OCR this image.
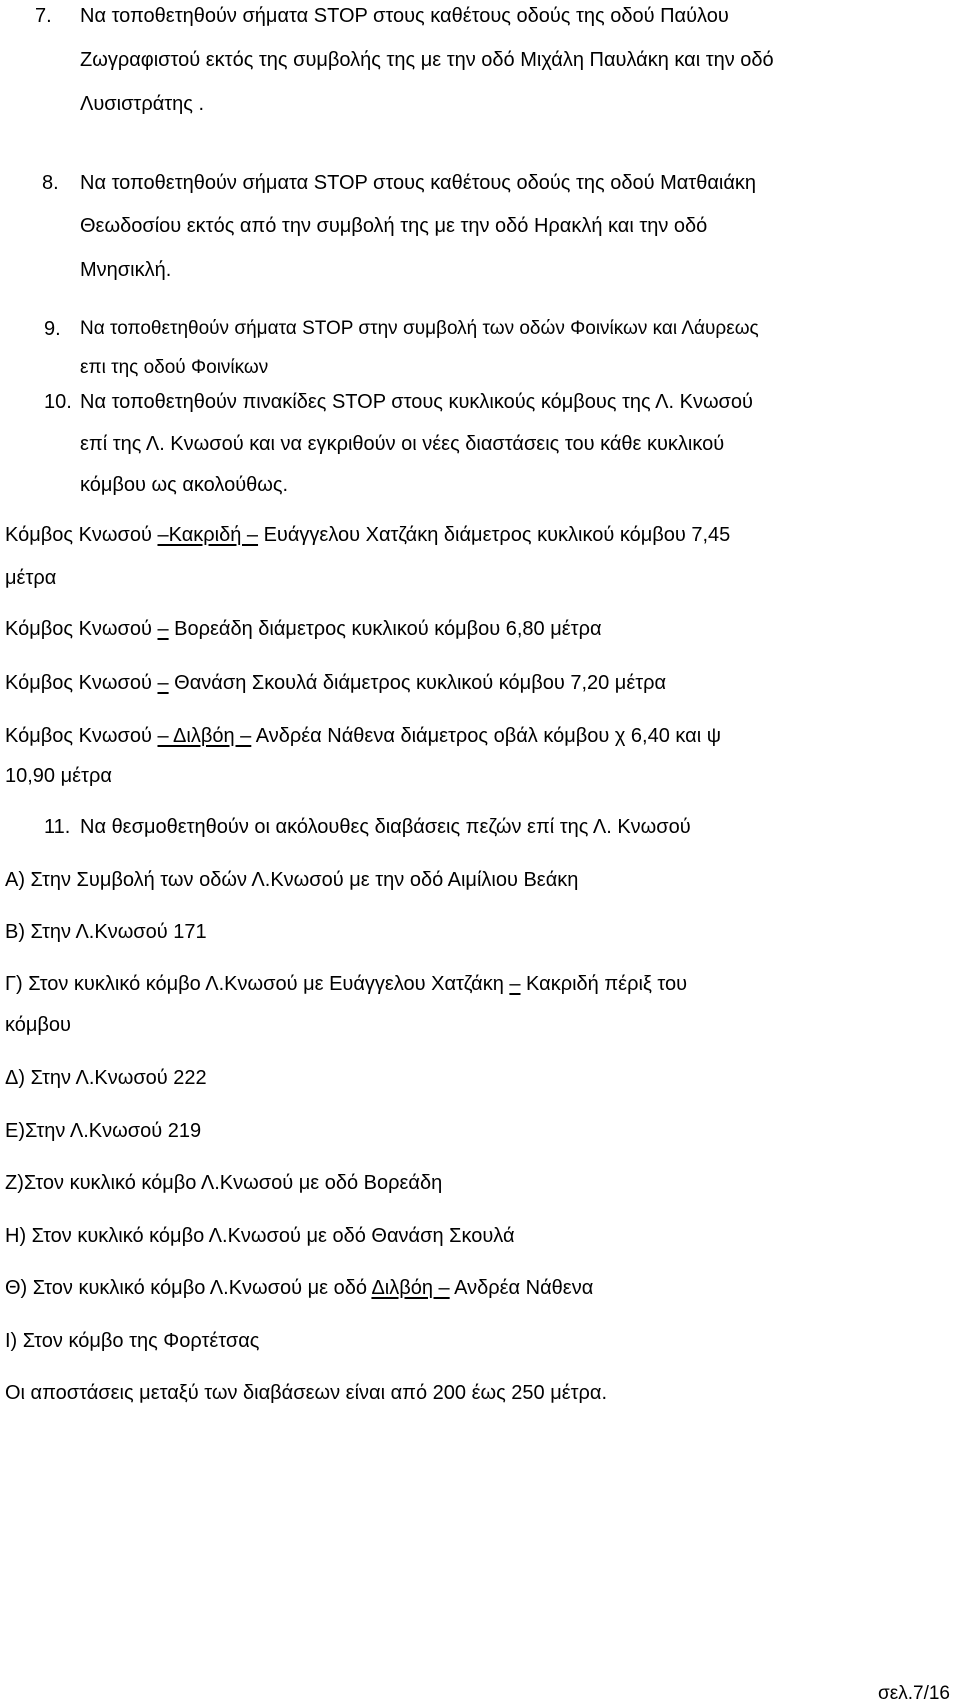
7. Να τοποθετηθούν σήματα STOP στους καθέτους οδούς της οδού Παύλου
Ζωγραφιστού εκτός της συμβολής της με την οδό Μιχάλη Παυλάκη και την οδό
Λυσιστράτης .
8. Να τοποθετηθούν σήματα STOP στους καθέτους οδούς της οδού Ματθαιάκη
Θεωδοσίου εκτός από την συμβολή της με την οδό Ηρακλή και την οδό
Μνησικλή.
9. Να τοποθετηθούν σήματα STOP στην συμβολή των οδών Φοινίκων και Λάυρεως
επι της οδού Φοινίκων
10. Να τοποθετηθούν πινακίδες STOP στους κυκλικούς κόμβους της Λ. Κνωσού
επί της Λ. Κνωσού και να εγκριθούν οι νέες διαστάσεις του κάθε κυκλικού
κόμβου ως ακολούθως.
Κόμβος Κνωσού –Κακριδή – Ευάγγελου Χατζάκη διάμετρος κυκλικού κόμβου 7,45
μέτρα
Κόμβος Κνωσού – Βορεάδη διάμετρος κυκλικού κόμβου 6,80 μέτρα
Κόμβος Κνωσού – Θανάση Σκουλά διάμετρος κυκλικού κόμβου 7,20 μέτρα
Κόμβος Κνωσού – Διλβόη – Ανδρέα Νάθενα διάμετρος οβάλ κόμβου χ 6,40 και ψ
10,90 μέτρα
11. Να θεσμοθετηθούν οι ακόλουθες διαβάσεις πεζών επί της Λ. Κνωσού
Α) Στην Συμβολή των οδών Λ.Κνωσού με την οδό Αιμίλιου Βεάκη
Β) Στην Λ.Κνωσού 171
Γ) Στον κυκλικό κόμβο Λ.Κνωσού με Ευάγγελου Χατζάκη – Κακριδή πέριξ του
κόμβου
Δ) Στην Λ.Κνωσού 222
Ε)Στην Λ.Κνωσού 219
Ζ)Στον κυκλικό κόμβο Λ.Κνωσού με οδό Βορεάδη
Η) Στον κυκλικό κόμβο Λ.Κνωσού με οδό Θανάση Σκουλά
Θ) Στον κυκλικό κόμβο Λ.Κνωσού με οδό Διλβόη – Ανδρέα Νάθενα
Ι) Στον κόμβο της Φορτέτσας
Οι αποστάσεις μεταξύ των διαβάσεων είναι από 200 έως 250 μέτρα.
σελ.7/16
